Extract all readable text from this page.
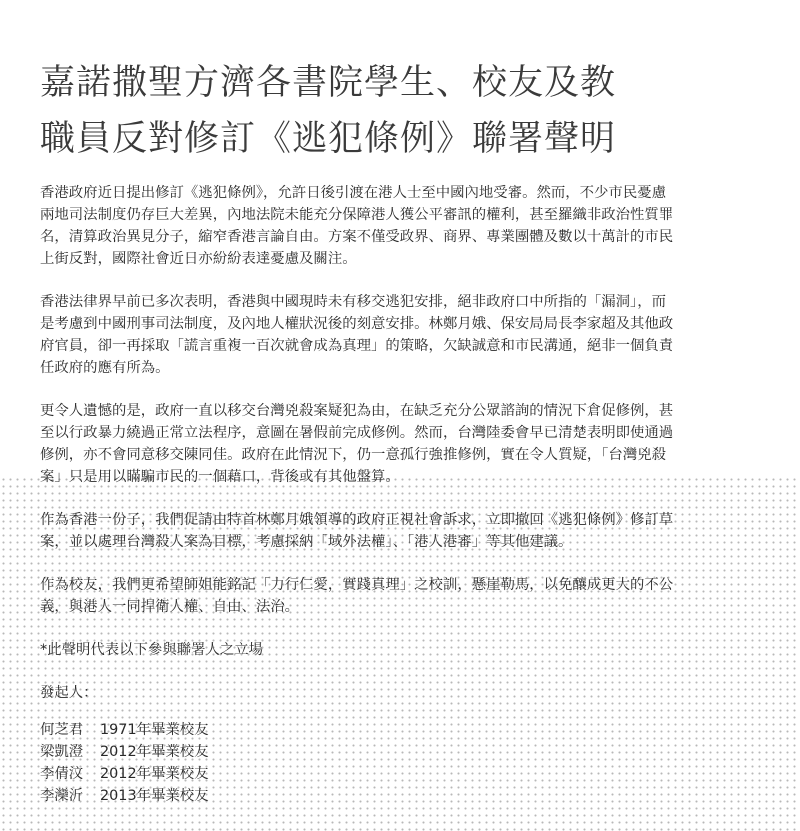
嘉諾撒聖方濟各書院學生、校友及教
職員反對修訂《逃犯條例》聯署聲明

香港政府近日提出修訂《逃犯條例》，允許日後引渡在港人士至中國內地受審。然而，不少市民憂慮
兩地司法制度仍存巨大差異，內地法院未能充分保障港人獲公平審訊的權利，甚至羅織非政治性質罪
名，清算政治異見分子，縮窄香港言論自由。方案不僅受政界、商界、專業團體及數以十萬計的市民
上街反對，國際社會近日亦紛紛表達憂慮及關注。

香港法律界早前已多次表明，香港與中國現時未有移交逃犯安排，絕非政府口中所指的「漏洞」，而
是考慮到中國刑事司法制度，及內地人權狀況後的刻意安排。林鄭月娥、保安局局長李家超及其他政
府官員，卻一再採取「謊言重複一百次就會成為真理」的策略，欠缺誠意和市民溝通，絕非一個負責
任政府的應有所為。

更令人遺憾的是，政府一直以移交台灣兇殺案疑犯為由，在缺乏充分公眾諮詢的情況下倉促修例，甚
至以行政暴力繞過正常立法程序，意圖在暑假前完成修例。然而，台灣陸委會早已清楚表明即使通過
修例，亦不會同意移交陳同佳。政府在此情況下，仍一意孤行強推修例，實在令人質疑，「台灣兇殺
案」只是用以瞞騙市民的一個藉口，背後或有其他盤算。

作為香港一份子，我們促請由特首林鄭月娥領導的政府正視社會訴求，立即撤回《逃犯條例》修訂草
案，並以處理台灣殺人案為目標，考慮採納「域外法權」、「港人港審」等其他建議。

作為校友，我們更希望師姐能銘記「力行仁愛，實踐真理」之校訓，懸崖勒馬，以免釀成更大的不公
義，與港人一同捍衛人權、自由、法治。

*此聲明代表以下參與聯署人之立場

發起人：
何芝君 1971年畢業校友
梁凱澄 2012年畢業校友
李倩汶 2012年畢業校友
李灤沂 2013年畢業校友
